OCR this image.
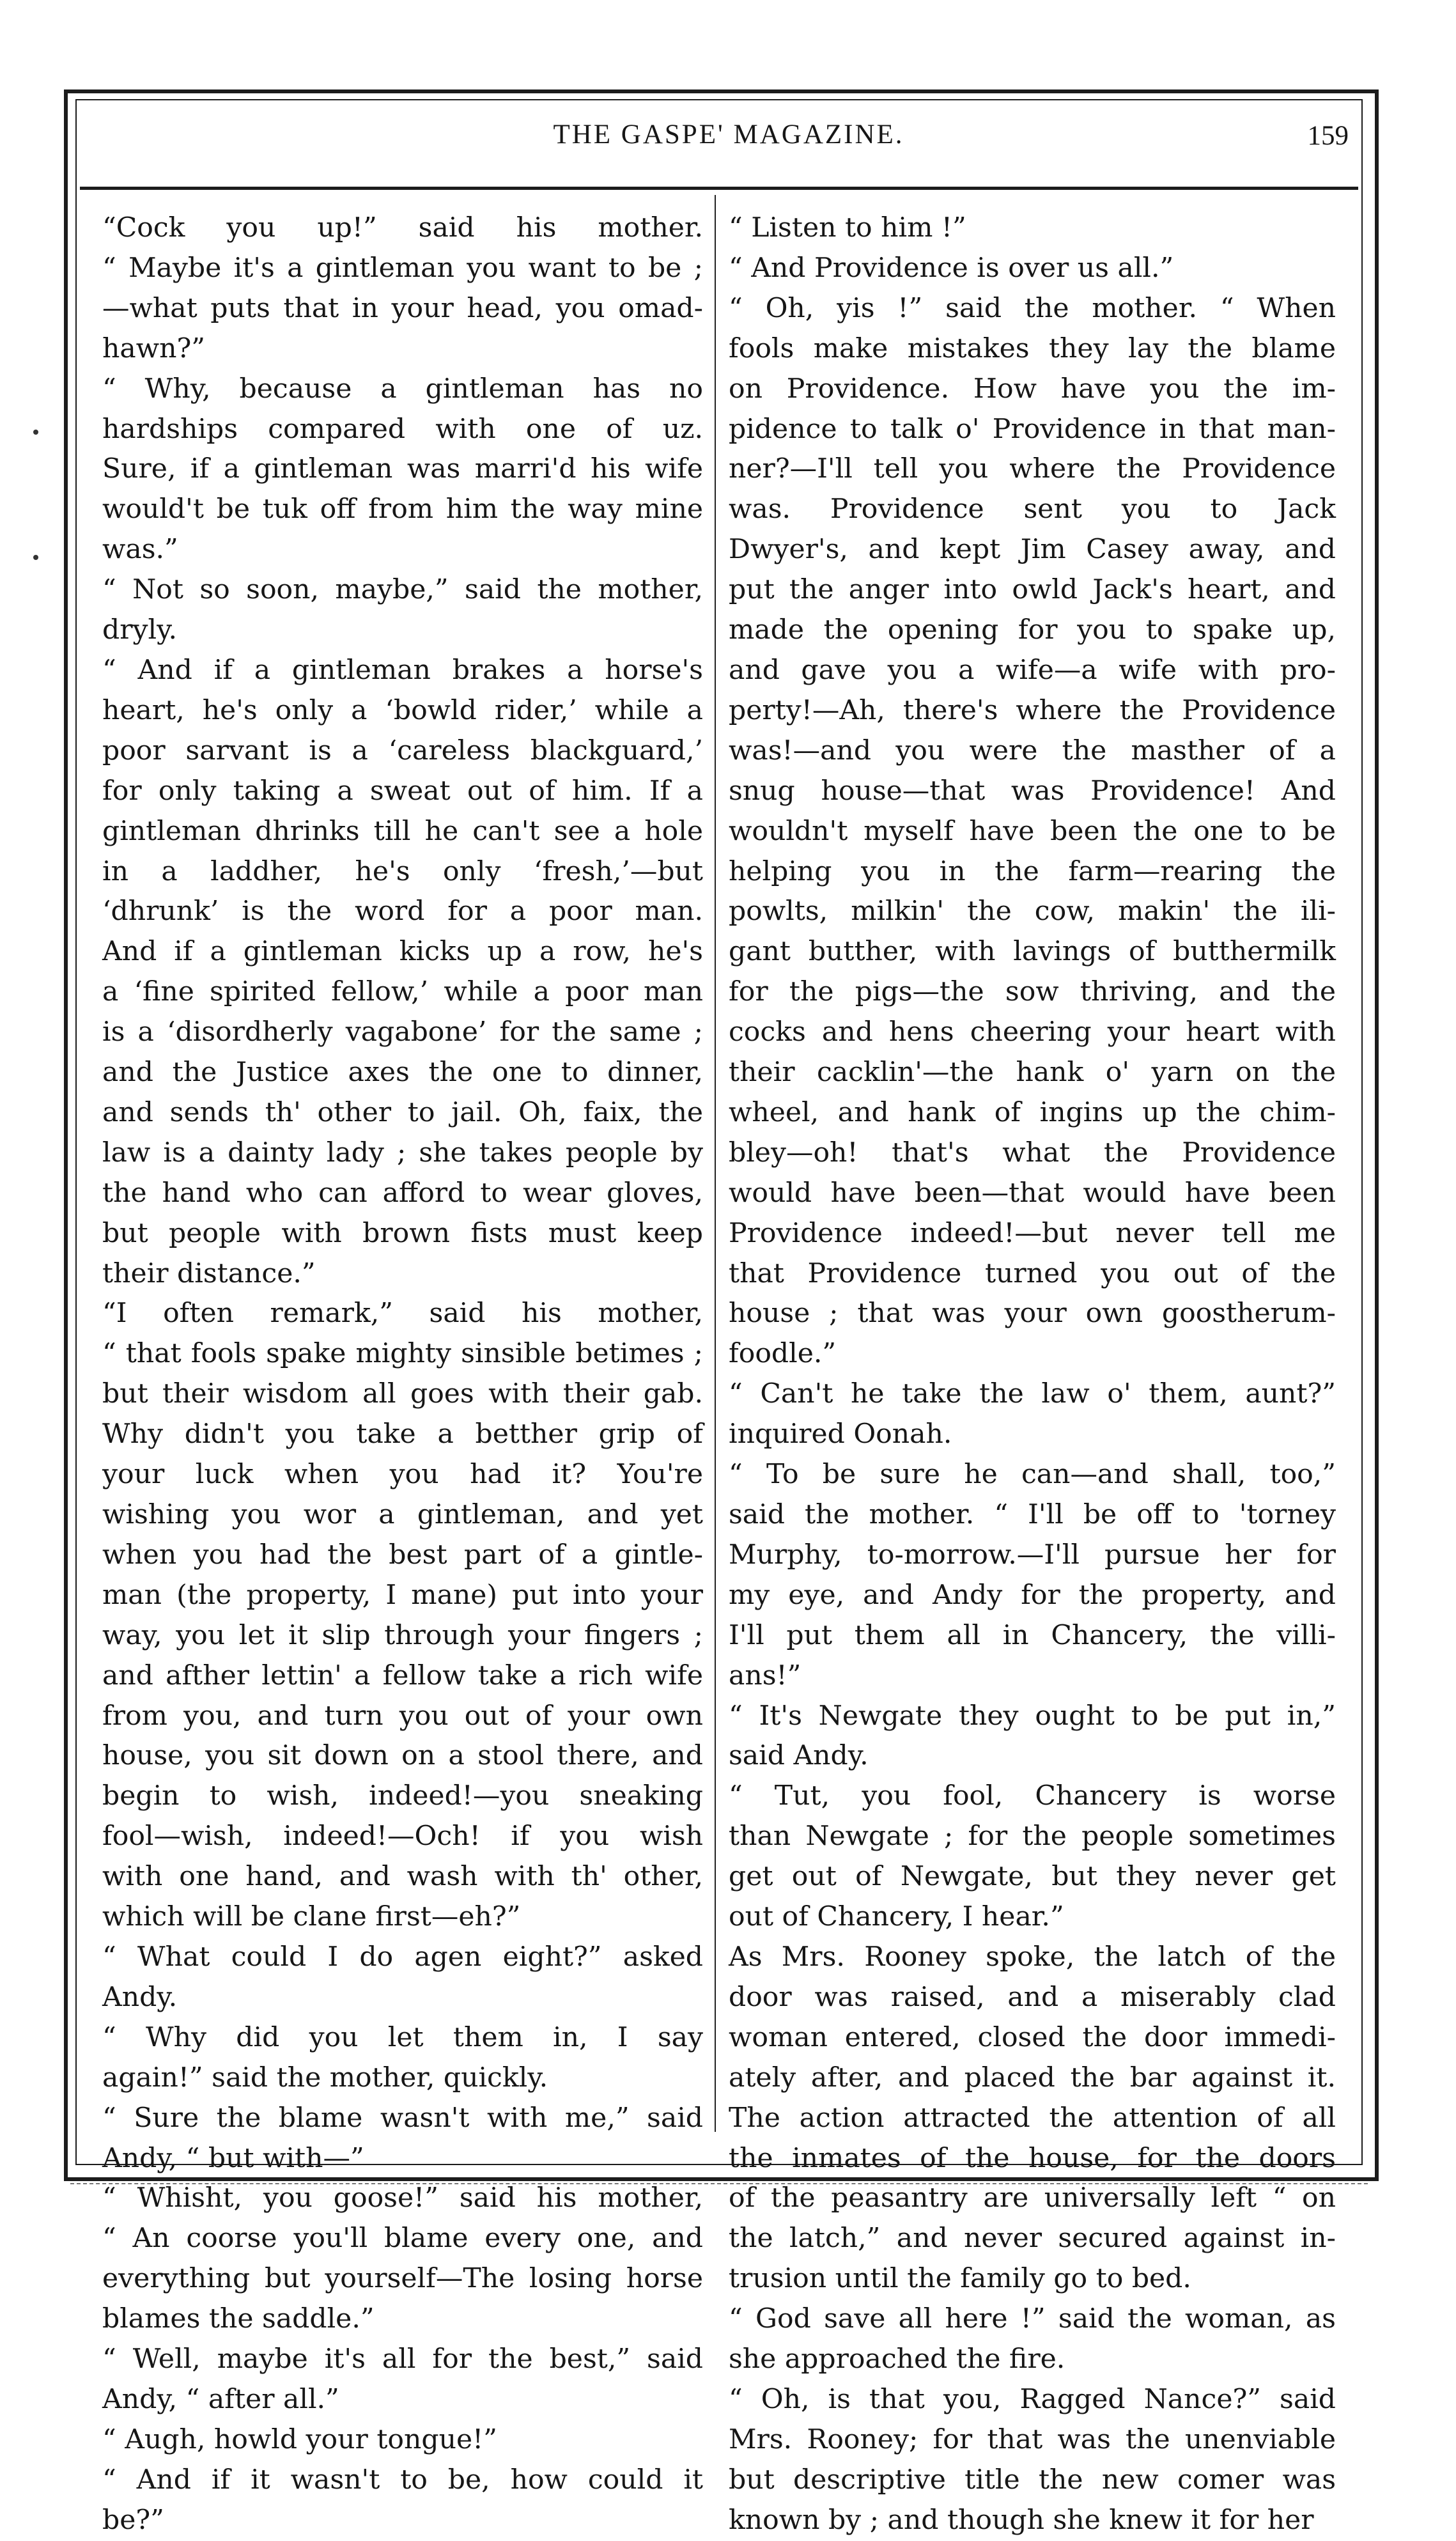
THE GASPE' MAGAZINE.	159
“Cock you up!” said his mother.
“ Maybe it's a gintleman you want to be ;
—what puts that in your head, you omad-
hawn?”
“ Why, because a gintleman has no
hardships compared with one of uz.
Sure, if a gintleman was marri'd his wife
would't be tuk off from him the way mine
was.”
“ Not so soon, maybe,” said the mother,
dryly.
“ And if a gintleman brakes a horse's
heart, he's only a ‘bowld rider,’ while a
poor sarvant is a ‘careless blackguard,’
for only taking a sweat out of him. If a
gintleman dhrinks till he can't see a hole
in a laddher, he's only ‘fresh,’—but
‘dhrunk’ is the word for a poor man.
And if a gintleman kicks up a row, he's
a ‘fine spirited fellow,’ while a poor man
is a ‘disordherly vagabone’ for the same ;
and the Justice axes the one to dinner,
and sends th' other to jail. Oh, faix, the
law is a dainty lady ; she takes people by
the hand who can afford to wear gloves,
but people with brown fists must keep
their distance.”
“I often remark,” said his mother,
“ that fools spake mighty sinsible betimes ;
but their wisdom all goes with their gab.
Why didn't you take a betther grip of
your luck when you had it? You're
wishing you wor a gintleman, and yet
when you had the best part of a gintle-
man (the property, I mane) put into your
way, you let it slip through your fingers ;
and afther lettin' a fellow take a rich wife
from you, and turn you out of your own
house, you sit down on a stool there, and
begin to wish, indeed!—you sneaking
fool—wish, indeed!—Och! if you wish
with one hand, and wash with th' other,
which will be clane first—eh?”
“ What could I do agen eight?” asked
Andy.
“ Why did you let them in, I say
again!” said the mother, quickly.
“ Sure the blame wasn't with me,” said
Andy, “ but with—”
“ Whisht, you goose!” said his mother,
“ An coorse you'll blame every one, and
everything but yourself—The losing horse
blames the saddle.”
“ Well, maybe it's all for the best,” said
Andy, “ after all.”
“ Augh, howld your tongue!”
“ And if it wasn't to be, how could it
be?”
“ Listen to him !”
“ And Providence is over us all.”
“ Oh, yis !” said the mother. “ When
fools make mistakes they lay the blame
on Providence. How have you the im-
pidence to talk o' Providence in that man-
ner?—I'll tell you where the Providence
was. Providence sent you to Jack
Dwyer's, and kept Jim Casey away, and
put the anger into owld Jack's heart, and
made the opening for you to spake up,
and gave you a wife—a wife with pro-
perty!—Ah, there's where the Providence
was!—and you were the masther of a
snug house—that was Providence! And
wouldn't myself have been the one to be
helping you in the farm—rearing the
powlts, milkin' the cow, makin' the ili-
gant butther, with lavings of butthermilk
for the pigs—the sow thriving, and the
cocks and hens cheering your heart with
their cacklin'—the hank o' yarn on the
wheel, and hank of ingins up the chim-
bley—oh! that's what the Providence
would have been—that would have been
Providence indeed!—but never tell me
that Providence turned you out of the
house ; that was your own goostherum-
foodle.”
“ Can't he take the law o' them, aunt?”
inquired Oonah.
“ To be sure he can—and shall, too,”
said the mother. “ I'll be off to 'torney
Murphy, to-morrow.—I'll pursue her for
my eye, and Andy for the property, and
I'll put them all in Chancery, the villi-
ans!”
“ It's Newgate they ought to be put in,”
said Andy.
“ Tut, you fool, Chancery is worse
than Newgate ; for the people sometimes
get out of Newgate, but they never get
out of Chancery, I hear.”
As Mrs. Rooney spoke, the latch of the
door was raised, and a miserably clad
woman entered, closed the door immedi-
ately after, and placed the bar against it.
The action attracted the attention of all
the inmates of the house, for the doors
of the peasantry are universally left “ on
the latch,” and never secured against in-
trusion until the family go to bed.
“ God save all here !” said the woman, as
she approached the fire.
“ Oh, is that you, Ragged Nance?” said
Mrs. Rooney; for that was the unenviable
but descriptive title the new comer was
known by ; and though she knew it for her
